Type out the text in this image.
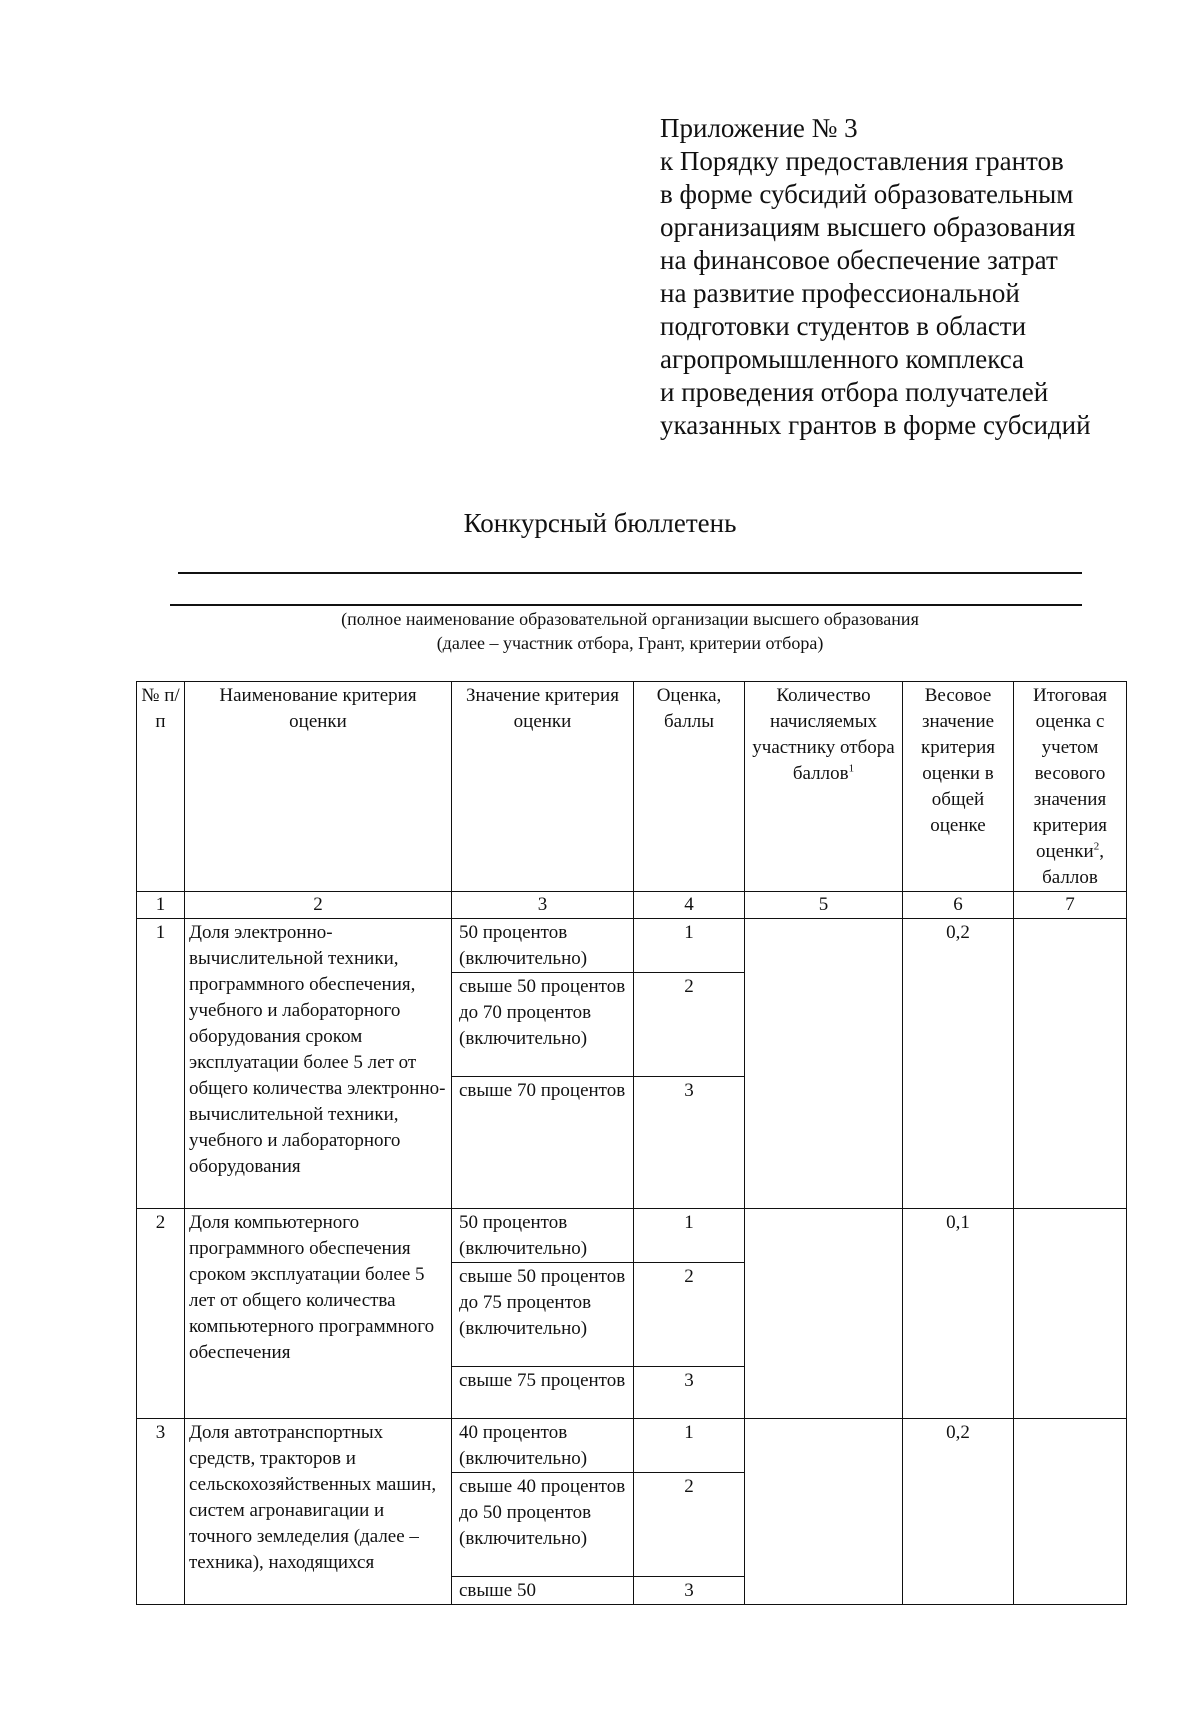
Приложение № 3
к Порядку предоставления грантов
в форме субсидий образовательным
организациям высшего образования
на финансовое обеспечение затрат
на развитие профессиональной
подготовки студентов в области
агропромышленного комплекса
и проведения отбора получателей
указанных грантов в форме субсидий
Конкурсный бюллетень
(полное наименование образовательной организации высшего образования
(далее – участник отбора, Грант, критерии отбора)
№ п/п	Наименование критерия оценки	Значение критерия оценки	Оценка, баллы	Количество начисляемых участнику отбора баллов$^1$	Весовое значение критерия оценки в общей оценке	Итоговая оценка с учетом весового значения критерия оценки$^2$, баллов
1	2	3	4	5	6	7
1	Доля электронно-вычислительной техники, программного обеспечения, учебного и лабораторного оборудования сроком эксплуатации более 5 лет от общего количества электронно-вычислительной техники, учебного и лабораторного оборудования	50 процентов (включительно)	1		0,2	
		свыше 50 процентов до 70 процентов (включительно)	2			
		свыше 70 процентов	3			
2	Доля компьютерного программного обеспечения сроком эксплуатации более 5 лет от общего количества компьютерного программного обеспечения	50 процентов (включительно)	1		0,1	
		свыше 50 процентов до 75 процентов (включительно)	2			
		свыше 75 процентов	3			
3	Доля автотранспортных средств, тракторов и сельскохозяйственных машин, систем агронавигации и точного земледелия (далее – техника), находящихся	40 процентов (включительно)	1		0,2	
		свыше 40 процентов до 50 процентов (включительно)	2			
		свыше 50	3			
